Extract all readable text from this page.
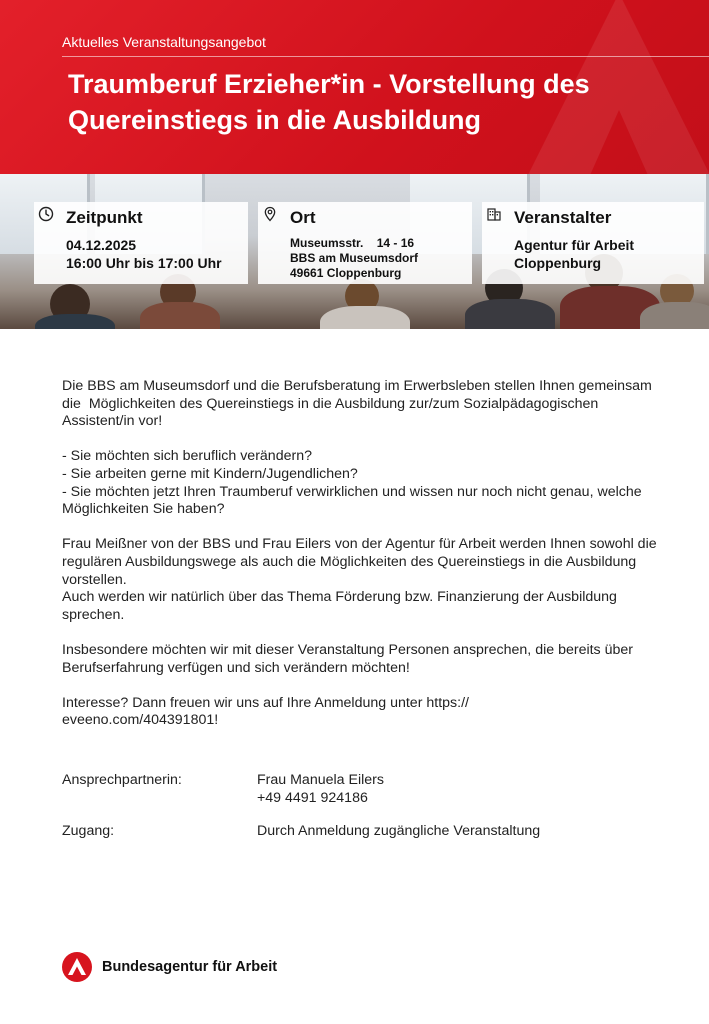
Aktuelles Veranstaltungsangebot
Traumberuf Erzieher*in - Vorstellung des Quereinstiegs in die Ausbildung
Zeitpunkt
04.12.2025
16:00 Uhr bis 17:00 Uhr
Ort
Museumsstr.    14 - 16
BBS am Museumsdorf
49661 Cloppenburg
Veranstalter
Agentur für Arbeit
Cloppenburg

Die BBS am Museumsdorf und die Berufsberatung im Erwerbsleben stellen Ihnen gemeinsam die  Möglichkeiten des Quereinstiegs in die Ausbildung zur/zum Sozialpädagogischen Assistent/in vor!

- Sie möchten sich beruflich verändern?
- Sie arbeiten gerne mit Kindern/Jugendlichen?
- Sie möchten jetzt Ihren Traumberuf verwirklichen und wissen nur noch nicht genau, welche Möglichkeiten Sie haben?

Frau Meißner von der BBS und Frau Eilers von der Agentur für Arbeit werden Ihnen sowohl die regulären Ausbildungswege als auch die Möglichkeiten des Quereinstiegs in die Ausbildung vorstellen.
Auch werden wir natürlich über das Thema Förderung bzw. Finanzierung der Ausbildung sprechen.

Insbesondere möchten wir mit dieser Veranstaltung Personen ansprechen, die bereits über Berufserfahrung verfügen und sich verändern möchten!

Interesse? Dann freuen wir uns auf Ihre Anmeldung unter https://
eveeno.com/404391801!

Ansprechpartnerin:	Frau Manuela Eilers
+49 4491 924186
Zugang:	Durch Anmeldung zugängliche Veranstaltung
Bundesagentur für Arbeit
